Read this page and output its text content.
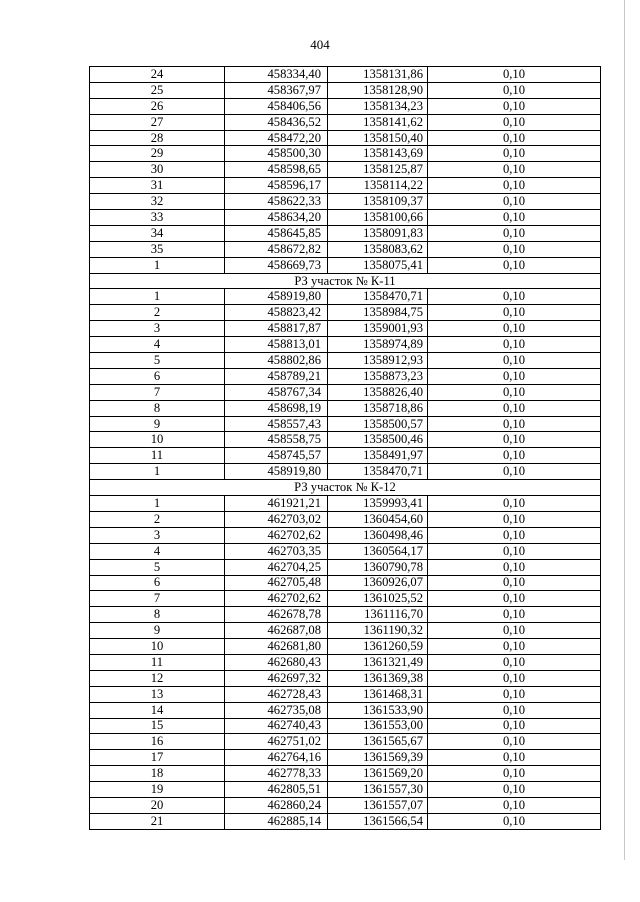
404
24	458334,40	1358131,86	0,10
25	458367,97	1358128,90	0,10
26	458406,56	1358134,23	0,10
27	458436,52	1358141,62	0,10
28	458472,20	1358150,40	0,10
29	458500,30	1358143,69	0,10
30	458598,65	1358125,87	0,10
31	458596,17	1358114,22	0,10
32	458622,33	1358109,37	0,10
33	458634,20	1358100,66	0,10
34	458645,85	1358091,83	0,10
35	458672,82	1358083,62	0,10
1	458669,73	1358075,41	0,10
РЗ участок № К-11			
1	458919,80	1358470,71	0,10
2	458823,42	1358984,75	0,10
3	458817,87	1359001,93	0,10
4	458813,01	1358974,89	0,10
5	458802,86	1358912,93	0,10
6	458789,21	1358873,23	0,10
7	458767,34	1358826,40	0,10
8	458698,19	1358718,86	0,10
9	458557,43	1358500,57	0,10
10	458558,75	1358500,46	0,10
11	458745,57	1358491,97	0,10
1	458919,80	1358470,71	0,10
РЗ участок № К-12			
1	461921,21	1359993,41	0,10
2	462703,02	1360454,60	0,10
3	462702,62	1360498,46	0,10
4	462703,35	1360564,17	0,10
5	462704,25	1360790,78	0,10
6	462705,48	1360926,07	0,10
7	462702,62	1361025,52	0,10
8	462678,78	1361116,70	0,10
9	462687,08	1361190,32	0,10
10	462681,80	1361260,59	0,10
11	462680,43	1361321,49	0,10
12	462697,32	1361369,38	0,10
13	462728,43	1361468,31	0,10
14	462735,08	1361533,90	0,10
15	462740,43	1361553,00	0,10
16	462751,02	1361565,67	0,10
17	462764,16	1361569,39	0,10
18	462778,33	1361569,20	0,10
19	462805,51	1361557,30	0,10
20	462860,24	1361557,07	0,10
21	462885,14	1361566,54	0,10
